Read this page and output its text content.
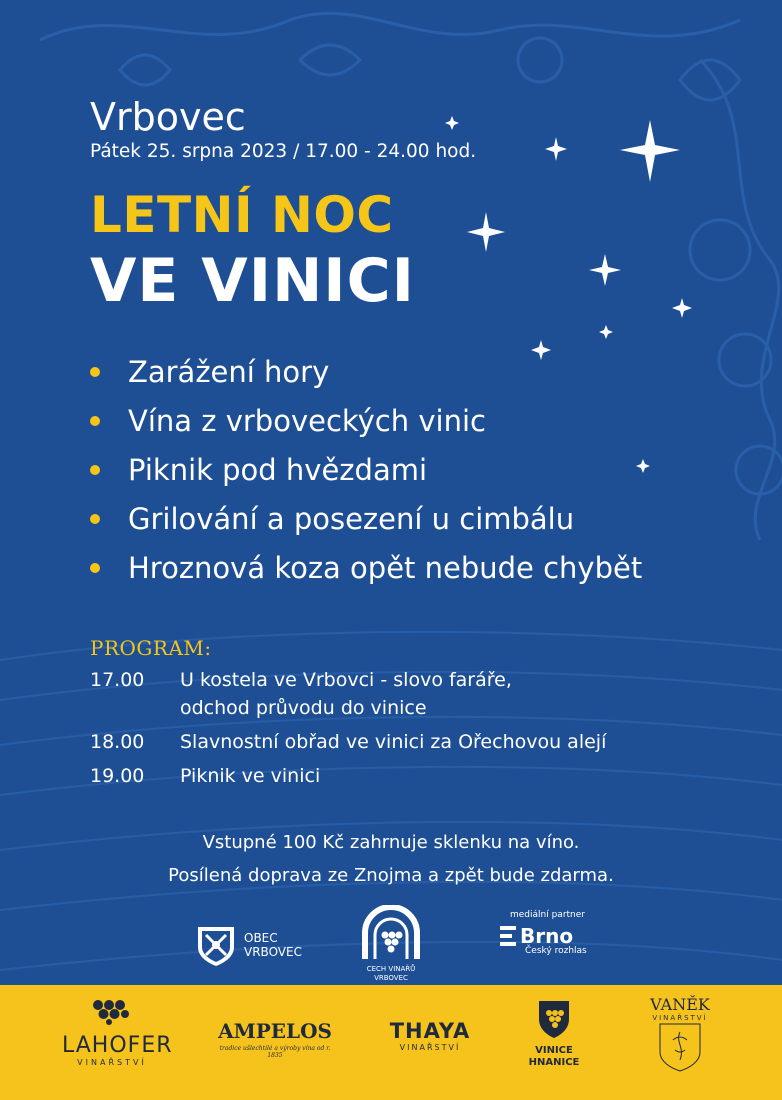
Vrbovec
Pátek 25. srpna 2023 / 17.00 - 24.00 hod.
LETNÍ NOC
VE VINICI
Zarážení hory
Vína z vrboveckých vinic
Piknik pod hvězdami
Grilování a posezení u cimbálu
Hroznová koza opět nebude chybět
PROGRAM:
17.00	U kostela ve Vrbovci - slovo faráře,
odchod průvodu do vinice
18.00	Slavnostní obřad ve vinici za Ořechovou alejí
19.00	Piknik ve vinici
Vstupné 100 Kč zahrnuje sklenku na víno.
Posílená doprava ze Znojma a zpět bude zdarma.
OBEC
VRBOVEC
CECH VINAŘŮ
VRBOVEC
mediální partner
Brno
Český rozhlas
LAHOFER
VINAŘSTVÍ
AMPELOS
tradice ušlechtilé a výroby vína od r. 1835
THAYA
VINAŘSTVÍ	VINICE
HNANICE
VANĚK
VINAŘSTVÍ
